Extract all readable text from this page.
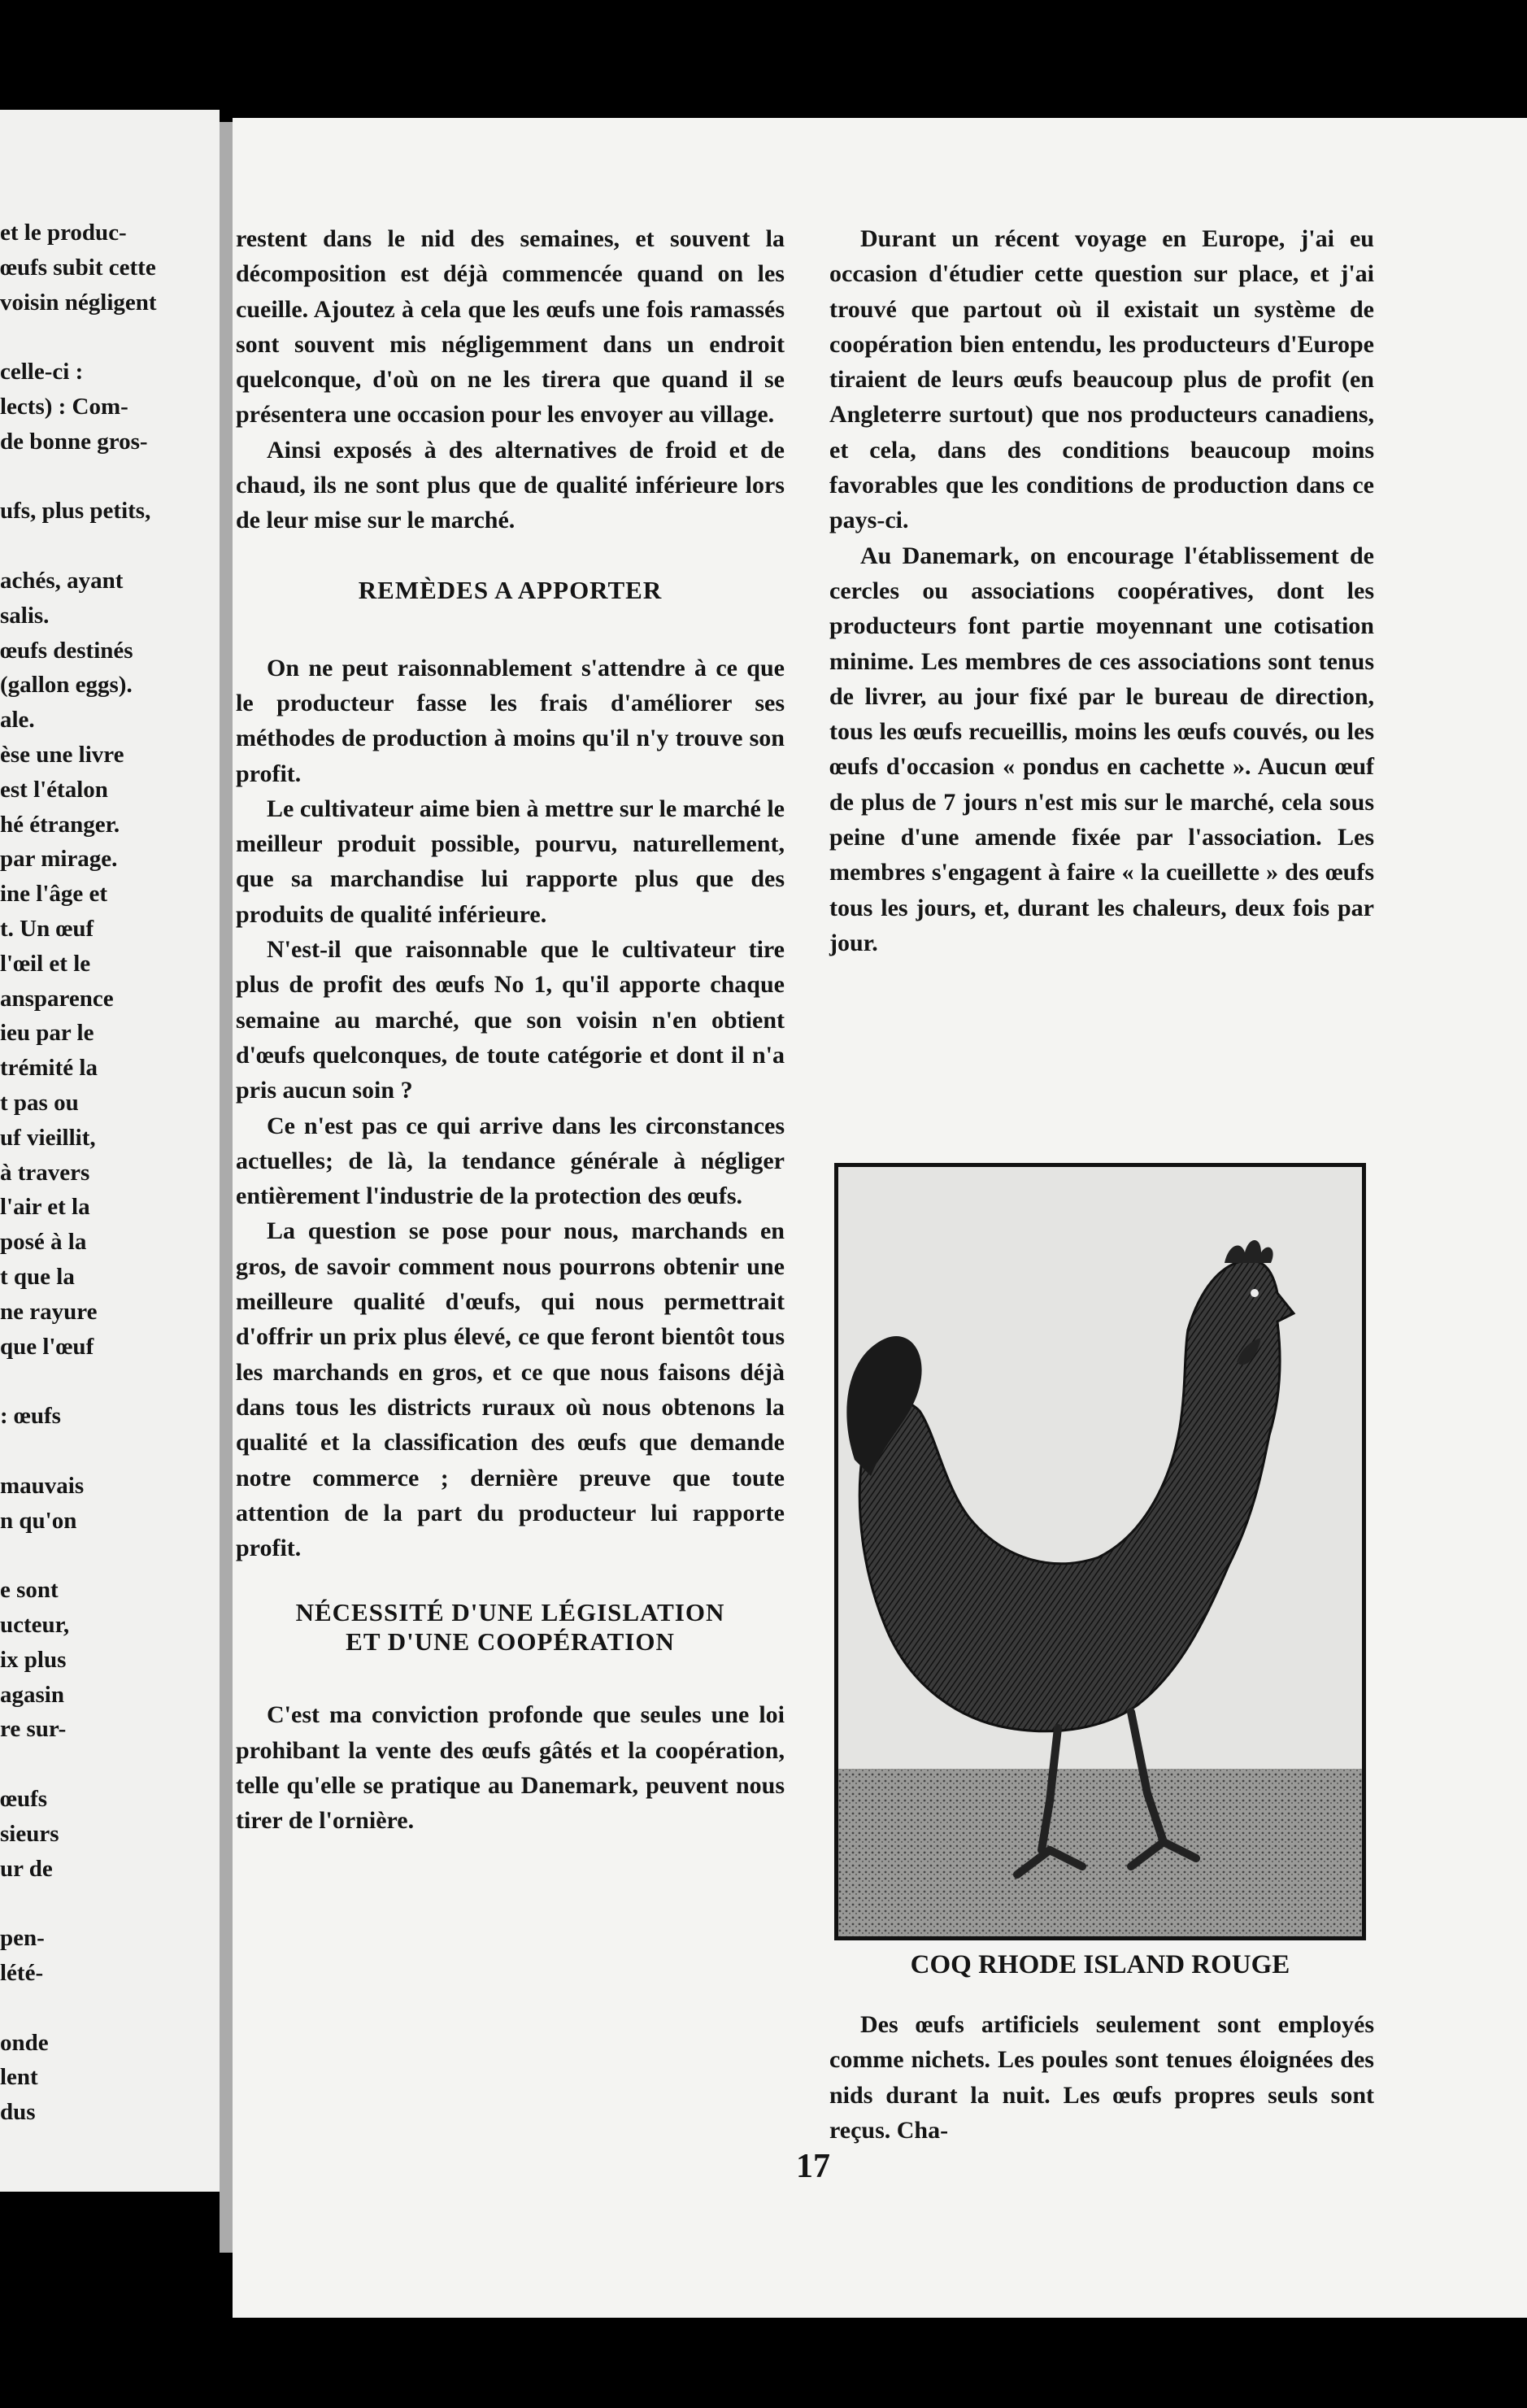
et le produc-
œufs subit cette
voisin négligent
celle-ci :
lects) : Com-
de bonne gros-
ufs, plus petits,
achés, ayant
salis.
œufs destinés
(gallon eggs).
ale.
èse une livre
est l'étalon
hé étranger.
par mirage.
ine l'âge et
t. Un œuf
l'œil et le
ansparence
ieu par le
trémité la
t pas ou
uf vieillit,
à travers
l'air et la
posé à la
t que la
ne rayure
que l'œuf
: œufs
mauvais
n qu'on
e sont
ucteur,
ix plus
agasin
re sur-
œufs
sieurs
ur de
pen-
lété-
onde
lent
dus

restent dans le nid des semaines, et souvent la décomposition est déjà commencée quand on les cueille. Ajoutez à cela que les œufs une fois ramassés sont souvent mis négligemment dans un endroit quelconque, d'où on ne les tirera que quand il se présentera une occasion pour les envoyer au village.

Ainsi exposés à des alternatives de froid et de chaud, ils ne sont plus que de qualité inférieure lors de leur mise sur le marché.

REMÈDES A APPORTER

On ne peut raisonnablement s'attendre à ce que le producteur fasse les frais d'améliorer ses méthodes de production à moins qu'il n'y trouve son profit.

Le cultivateur aime bien à mettre sur le marché le meilleur produit possible, pourvu, naturellement, que sa marchandise lui rapporte plus que des produits de qualité inférieure.

N'est-il que raisonnable que le cultivateur tire plus de profit des œufs No 1, qu'il apporte chaque semaine au marché, que son voisin n'en obtient d'œufs quelconques, de toute catégorie et dont il n'a pris aucun soin ?

Ce n'est pas ce qui arrive dans les circonstances actuelles; de là, la tendance générale à négliger entièrement l'industrie de la protection des œufs.

La question se pose pour nous, marchands en gros, de savoir comment nous pourrons obtenir une meilleure qualité d'œufs, qui nous permettrait d'offrir un prix plus élevé, ce que feront bientôt tous les marchands en gros, et ce que nous faisons déjà dans tous les districts ruraux où nous obtenons la qualité et la classification des œufs que demande notre commerce ; dernière preuve que toute attention de la part du producteur lui rapporte profit.

NÉCESSITÉ D'UNE LÉGISLATION
ET D'UNE COOPÉRATION

C'est ma conviction profonde que seules une loi prohibant la vente des œufs gâtés et la coopération, telle qu'elle se pratique au Danemark, peuvent nous tirer de l'ornière.

Durant un récent voyage en Europe, j'ai eu occasion d'étudier cette question sur place, et j'ai trouvé que partout où il existait un système de coopération bien entendu, les producteurs d'Europe tiraient de leurs œufs beaucoup plus de profit (en Angleterre surtout) que nos producteurs canadiens, et cela, dans des conditions beaucoup moins favorables que les conditions de production dans ce pays-ci.

Au Danemark, on encourage l'établissement de cercles ou associations coopératives, dont les producteurs font partie moyennant une cotisation minime. Les membres de ces associations sont tenus de livrer, au jour fixé par le bureau de direction, tous les œufs recueillis, moins les œufs couvés, ou les œufs d'occasion « pondus en cachette ». Aucun œuf de plus de 7 jours n'est mis sur le marché, cela sous peine d'une amende fixée par l'association. Les membres s'engagent à faire « la cueillette » des œufs tous les jours, et, durant les chaleurs, deux fois par jour.

COQ RHODE ISLAND ROUGE

Des œufs artificiels seulement sont employés comme nichets. Les poules sont tenues éloignées des nids durant la nuit. Les œufs propres seuls sont reçus. Cha-

17
